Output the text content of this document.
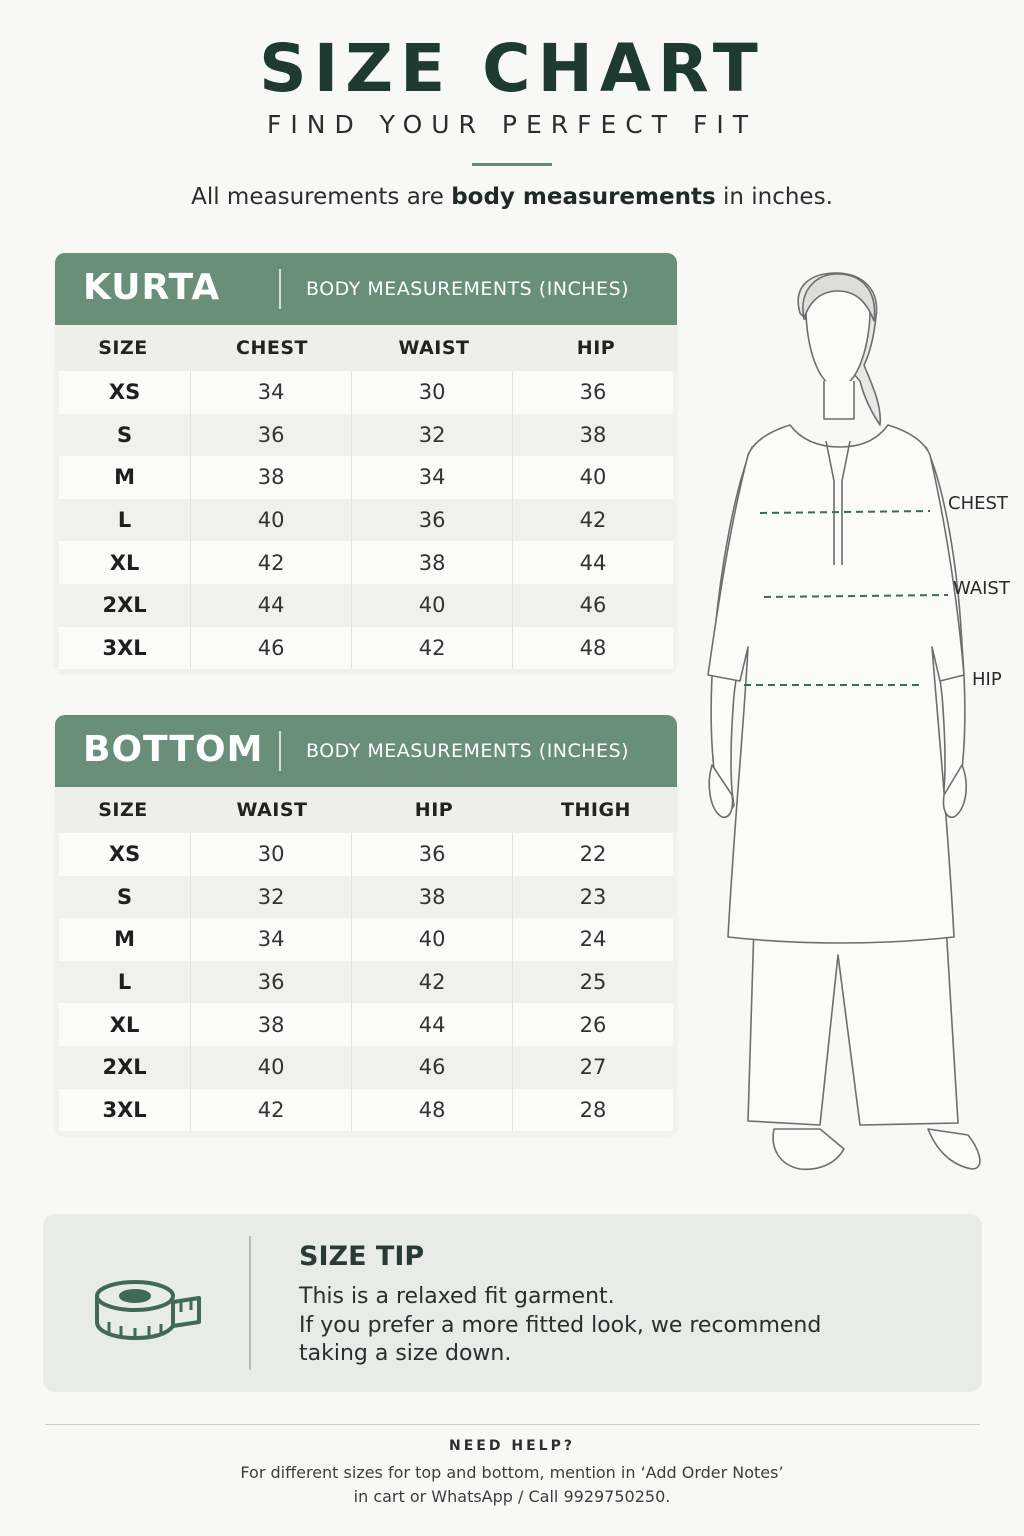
SIZE CHART
FIND YOUR PERFECT FIT
All measurements are body measurements in inches.
KURTA	BODY MEASUREMENTS (INCHES)
SIZE	CHEST	WAIST	HIP
XS	34	30	36
S	36	32	38
M	38	34	40
L	40	36	42
XL	42	38	44
2XL	44	40	46
3XL	46	42	48
BOTTOM BODY MEASUREMENTS (INCHES)
SIZE	WAIST	HIP	THIGH
XS	30	36	22
S	32	38	23
M	34	40	24
L	36	42	25
XL	38	44	26
2XL	40	46	27
3XL	42	48	28
CHEST
WAIST
HIP
SIZE TIP
This is a relaxed fit garment.
If you prefer a more fitted look, we recommend
taking a size down.
NEED HELP?
For different sizes for top and bottom, mention in ‘Add Order Notes’
in cart or WhatsApp / Call 9929750250.
